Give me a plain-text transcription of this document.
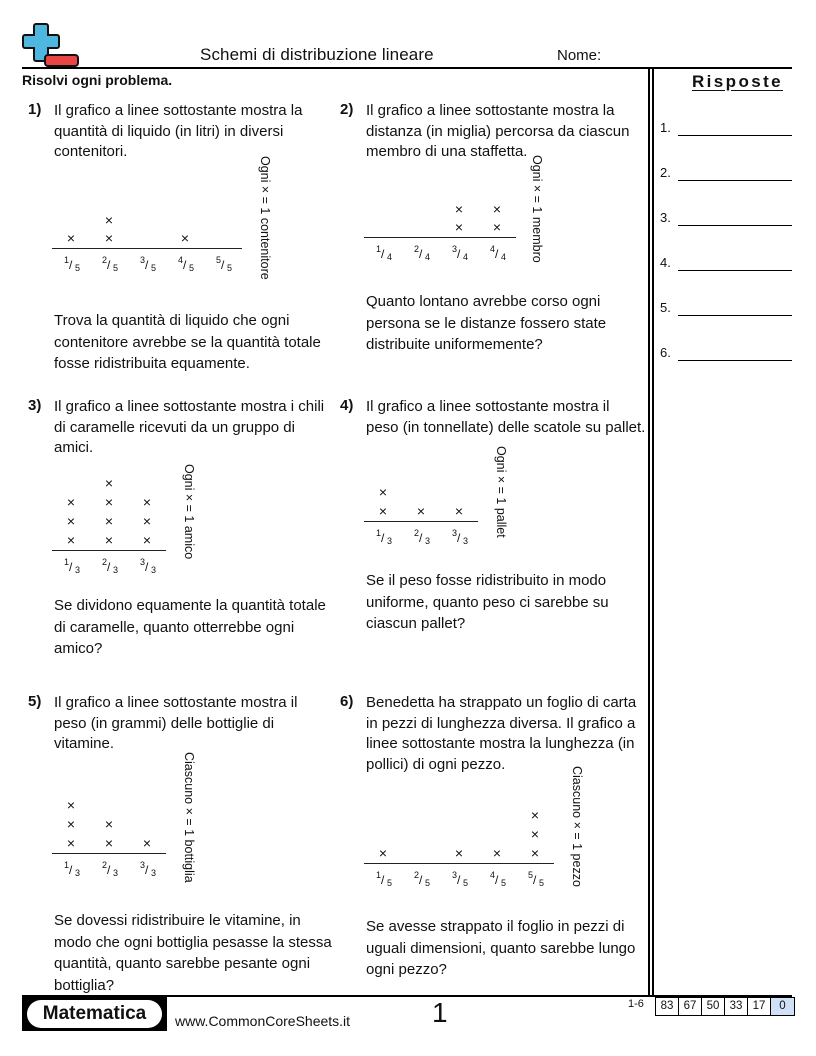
Schemi di distribuzione lineare	Nome:
Risolvi ogni problema.	Risposte
1.
2.
3.
4.
5.
6.
1) Il grafico a linee sottostante mostra la quantità di liquido (in litri) in diversi contenitori.
Trova la quantità di liquido che ogni contenitore avrebbe se la quantità totale fosse ridistribuita equamente.
1 / 5
×
2 / 5
×
×
3 / 5
4 / 5
×
5 / 5 Ogni × = 1 contenitore
2) Il grafico a linee sottostante mostra la distanza (in miglia) percorsa da ciascun membro di una staffetta.
Quanto lontano avrebbe corso ogni persona se le distanze fossero state distribuite uniformemente?
1 / 4
2 / 4
3 / 4
×
×
4 / 4
×
× Ogni × = 1 membro
3) Il grafico a linee sottostante mostra i chili di caramelle ricevuti da un gruppo di amici.
Se dividono equamente la quantità totale di caramelle, quanto otterrebbe ogni amico?
1 / 3
×
×
×
2 / 3
×
×
×
×
3 / 3
×
×
× Ogni × = 1 amico
4) Il grafico a linee sottostante mostra il peso (in tonnellate) delle scatole su pallet.
Se il peso fosse ridistribuito in modo uniforme, quanto peso ci sarebbe su ciascun pallet?
1 / 3
×
×
2 / 3
×
3 / 3
× Ogni × = 1 pallet
5) Il grafico a linee sottostante mostra il peso (in grammi) delle bottiglie di vitamine.
Se dovessi ridistribuire le vitamine, in modo che ogni bottiglia pesasse la stessa quantità, quanto sarebbe pesante ogni bottiglia?
1 / 3
×
×
×
2 / 3
×
×
3 / 3
× Ciascuno × = 1 bottiglia
6) Benedetta ha strappato un foglio di carta in pezzi di lunghezza diversa. Il grafico a linee sottostante mostra la lunghezza (in pollici) di ogni pezzo.
Se avesse strappato il foglio in pezzi di uguali dimensioni, quanto sarebbe lungo ogni pezzo?
1 / 5
×
2 / 5
3 / 5
×
4 / 5
×
5 / 5
×
×
× Ciascuno × = 1 pezzo
Matematica	www.CommonCoreSheets.it	1	1-6	83 67 50 33 17	0
